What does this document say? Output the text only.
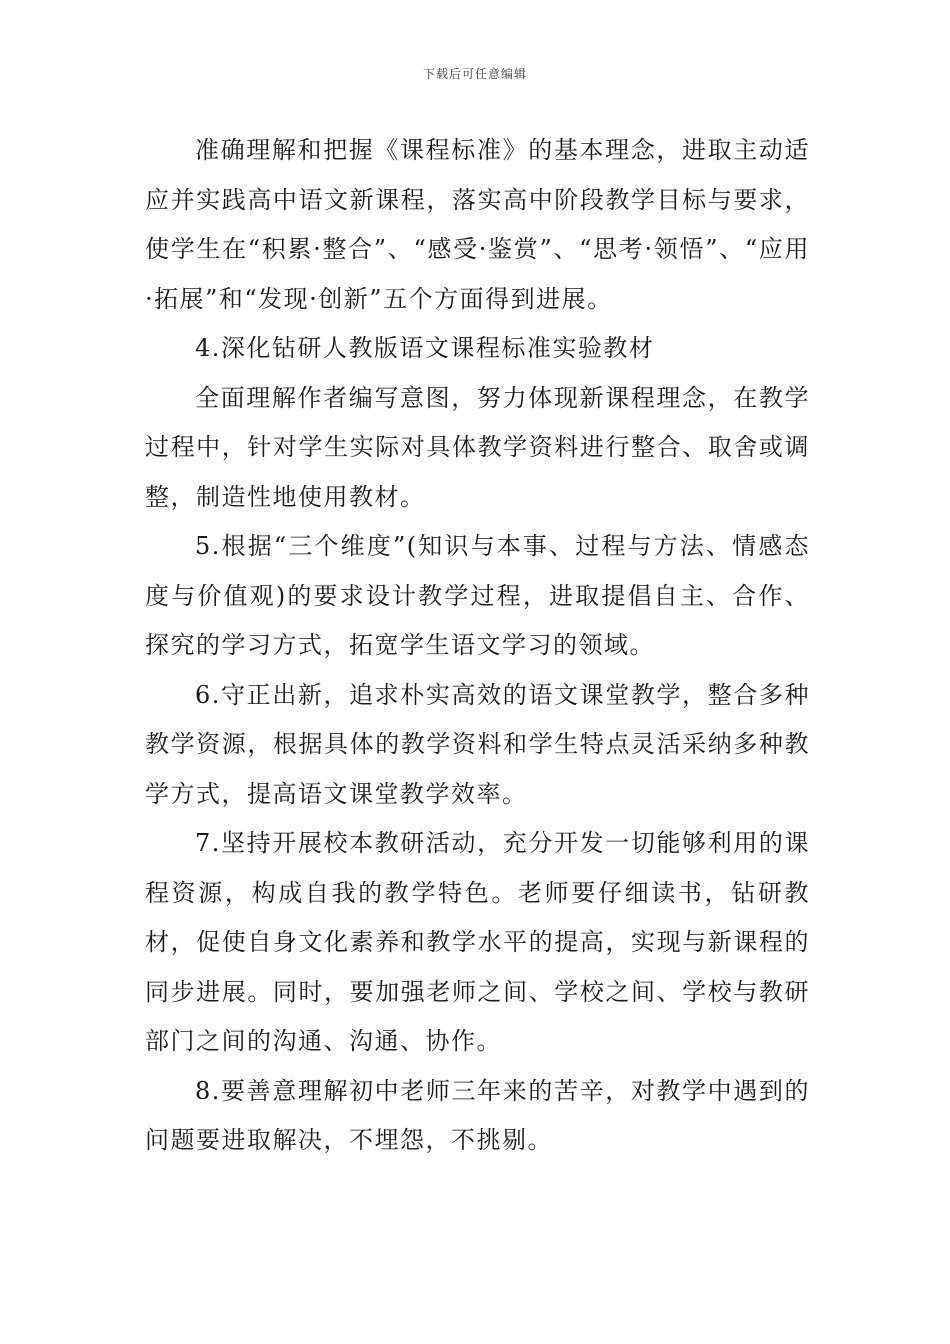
下载后可任意编辑

准确理解和把握《课程标准》的基本理念，进取主动适应并实践高中语文新课程，落实高中阶段教学目标与要求，使学生在“积累·整合”、“感受·鉴赏”、“思考·领悟”、“应用·拓展”和“发现·创新”五个方面得到进展。

4.深化钻研人教版语文课程标准实验教材

全面理解作者编写意图，努力体现新课程理念，在教学过程中，针对学生实际对具体教学资料进行整合、取舍或调整，制造性地使用教材。

5.根据“三个维度”(知识与本事、过程与方法、情感态度与价值观)的要求设计教学过程，进取提倡自主、合作、探究的学习方式，拓宽学生语文学习的领域。

6.守正出新，追求朴实高效的语文课堂教学，整合多种教学资源，根据具体的教学资料和学生特点灵活采纳多种教学方式，提高语文课堂教学效率。

7.坚持开展校本教研活动，充分开发一切能够利用的课程资源，构成自我的教学特色。老师要仔细读书，钻研教材，促使自身文化素养和教学水平的提高，实现与新课程的同步进展。同时，要加强老师之间、学校之间、学校与教研部门之间的沟通、沟通、协作。

8.要善意理解初中老师三年来的苦辛，对教学中遇到的问题要进取解决，不埋怨，不挑剔。
